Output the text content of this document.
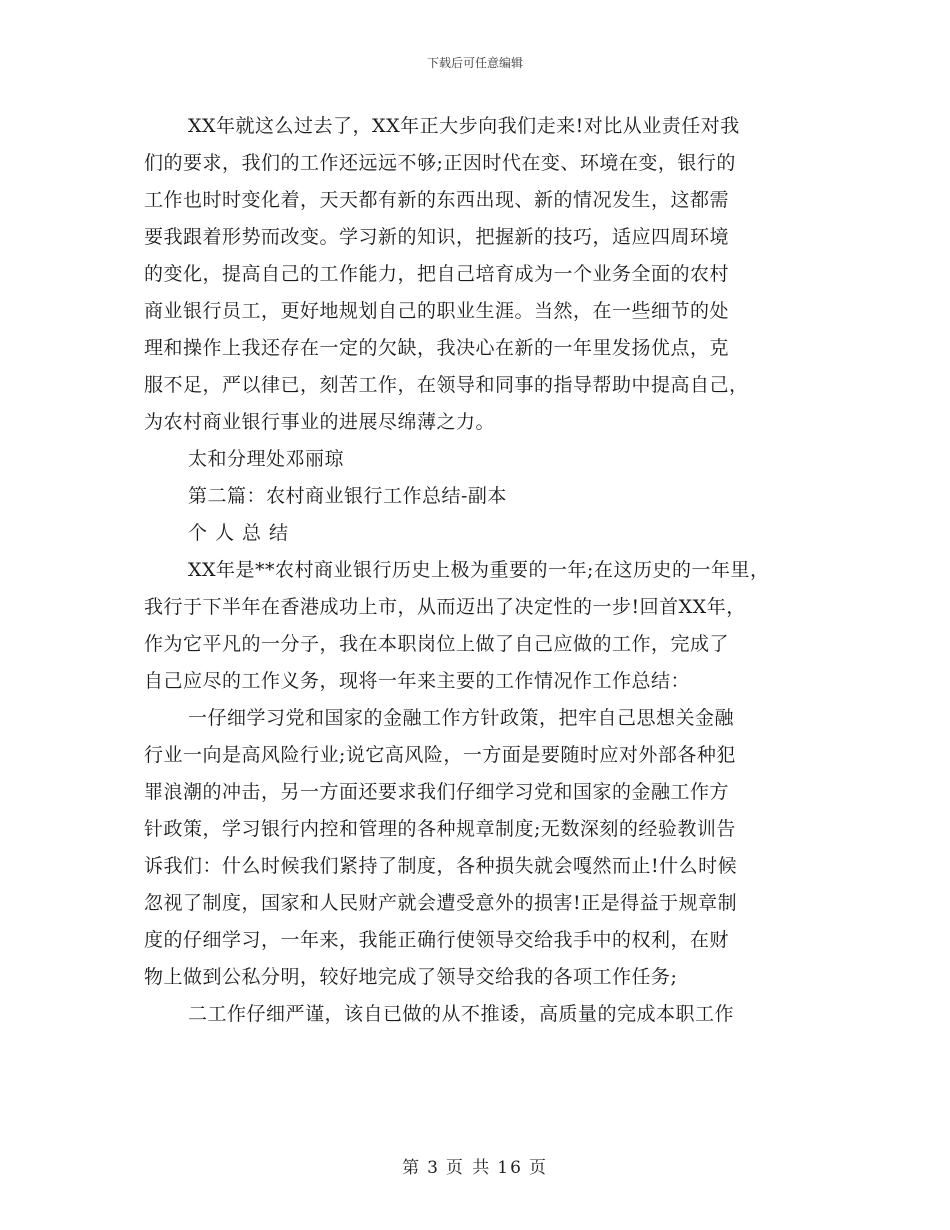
下载后可任意编辑
XX年就这么过去了，XX年正大步向我们走来!对比从业责任对我
们的要求，我们的工作还远远不够;正因时代在变、环境在变，银行的
工作也时时变化着，天天都有新的东西出现、新的情况发生，这都需
要我跟着形势而改变。学习新的知识，把握新的技巧，适应四周环境
的变化，提高自己的工作能力，把自己培育成为一个业务全面的农村
商业银行员工，更好地规划自己的职业生涯。当然，在一些细节的处
理和操作上我还存在一定的欠缺，我决心在新的一年里发扬优点，克
服不足，严以律已，刻苦工作，在领导和同事的指导帮助中提高自己，
为农村商业银行事业的进展尽绵薄之力。
太和分理处邓丽琼
第二篇：农村商业银行工作总结-副本
个人总结
XX年是**农村商业银行历史上极为重要的一年;在这历史的一年里，
我行于下半年在香港成功上市，从而迈出了决定性的一步!回首XX年，
作为它平凡的一分子，我在本职岗位上做了自己应做的工作，完成了
自己应尽的工作义务，现将一年来主要的工作情况作工作总结：
一仔细学习党和国家的金融工作方针政策，把牢自己思想关金融
行业一向是高风险行业;说它高风险，一方面是要随时应对外部各种犯
罪浪潮的冲击，另一方面还要求我们仔细学习党和国家的金融工作方
针政策，学习银行内控和管理的各种规章制度;无数深刻的经验教训告
诉我们：什么时候我们紧持了制度，各种损失就会嘎然而止!什么时候
忽视了制度，国家和人民财产就会遭受意外的损害!正是得益于规章制
度的仔细学习，一年来，我能正确行使领导交给我手中的权利，在财
物上做到公私分明，较好地完成了领导交给我的各项工作任务;
二工作仔细严谨，该自已做的从不推诿，高质量的完成本职工作
第 3 页 共 16 页
